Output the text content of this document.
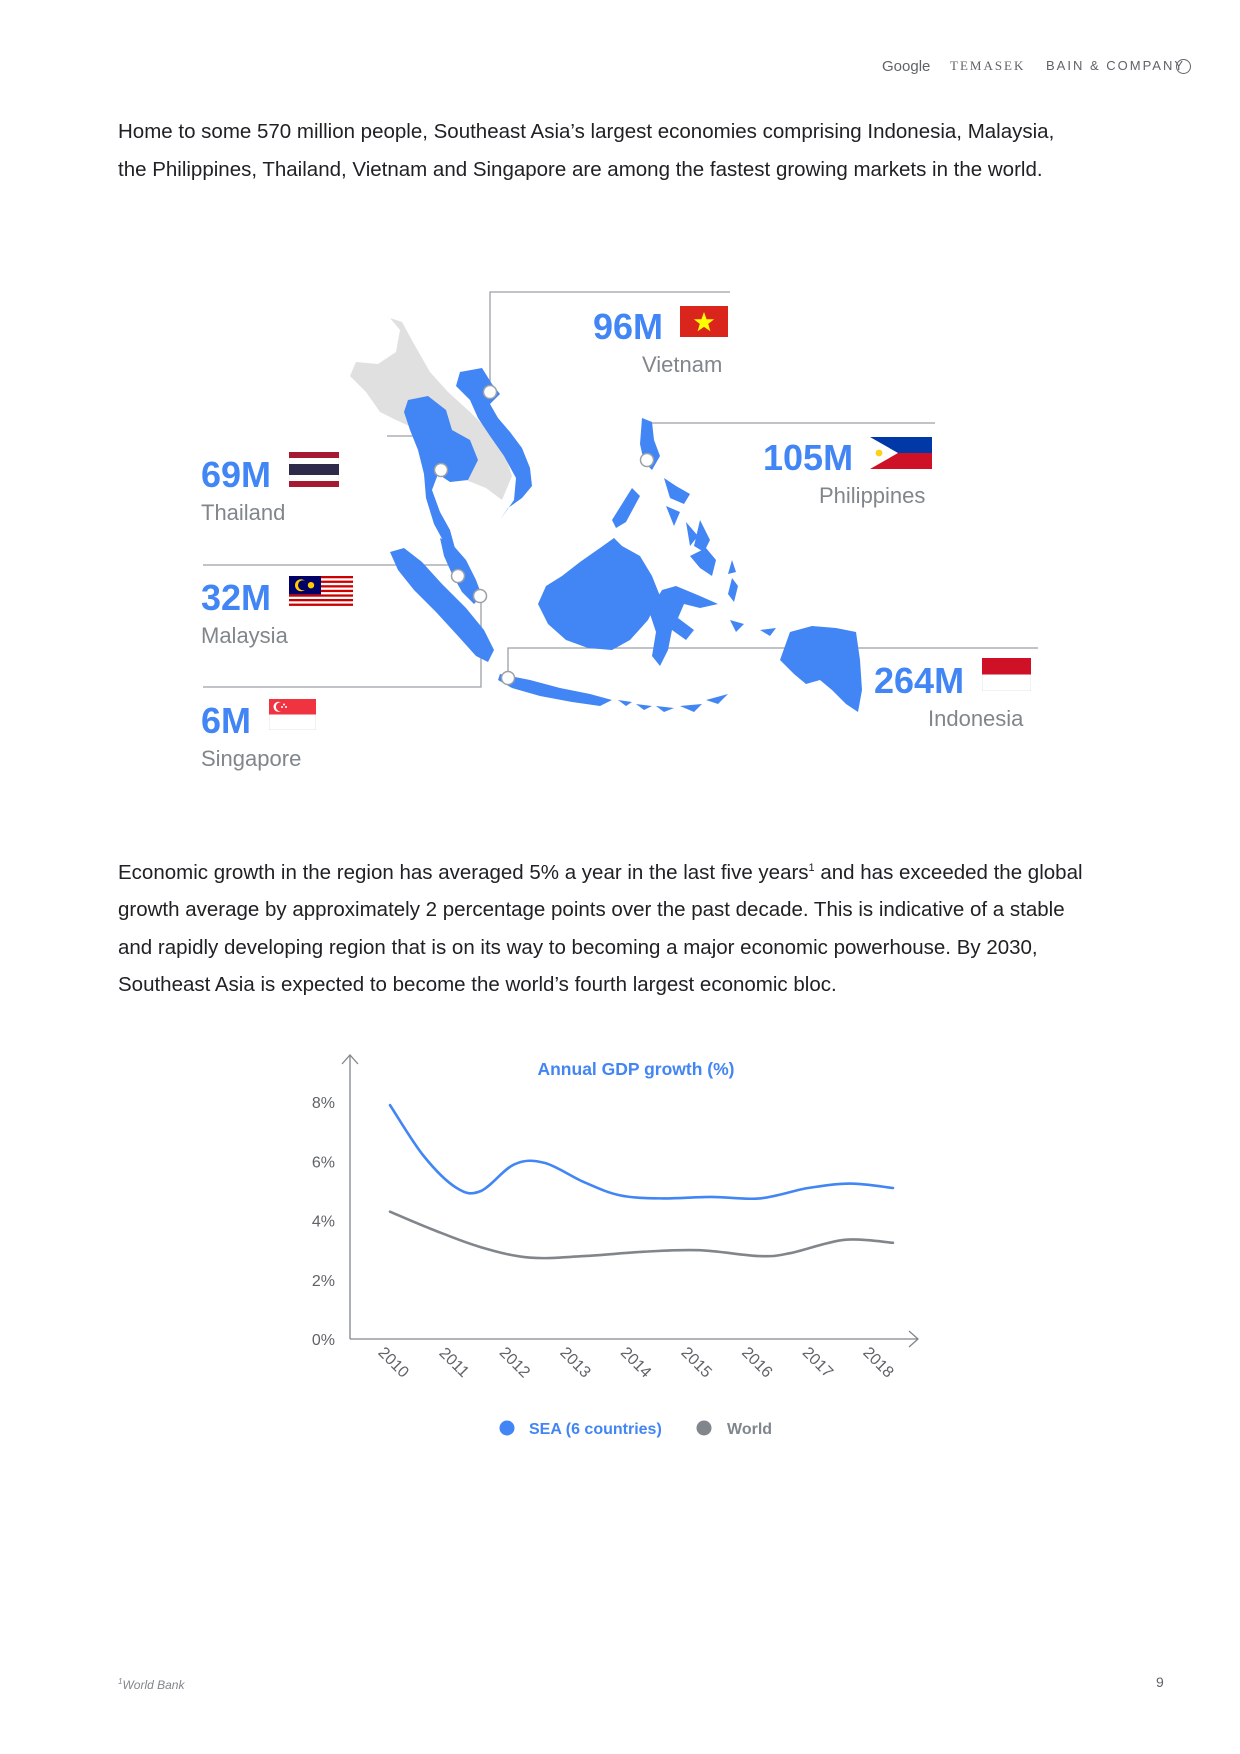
Google TEMASEK BAIN & COMPANY

Home to some 570 million people, Southeast Asia’s largest economies comprising Indonesia, Malaysia,

the Philippines, Thailand, Vietnam and Singapore are among the fastest growing markets in the world.

96M
Vietnam
105M
Philippines
69M
Thailand
32M
Malaysia
6M
Singapore
264M
Indonesia

Economic growth in the region has averaged 5% a year in the last five years$^1$ and has exceeded the global

growth average by approximately 2 percentage points over the past decade. This is indicative of a stable

and rapidly developing region that is on its way to becoming a major economic powerhouse. By 2030,

Southeast Asia is expected to become the world’s fourth largest economic bloc.

Annual GDP growth (%)
0%
2%
4%
6%
8%
2010 2011 2012 2013 2014 2015 2016 2017 2018
SEA (6 countries)	World
$^1$World Bank	9
